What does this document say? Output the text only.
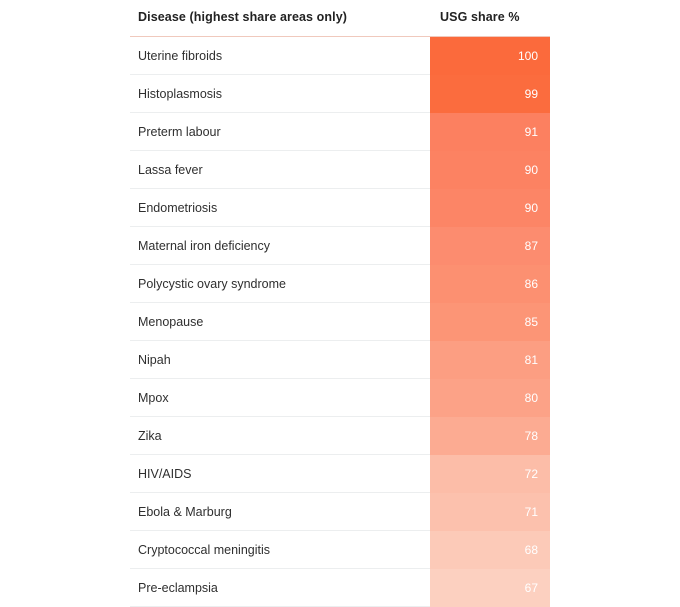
Disease (highest share areas only)	USG share %
Uterine fibroids	100
Histoplasmosis	99
Preterm labour	91
Lassa fever	90
Endometriosis	90
Maternal iron deficiency	87
Polycystic ovary syndrome	86
Menopause	85
Nipah	81
Mpox	80
Zika	78
HIV/AIDS	72
Ebola & Marburg	71
Cryptococcal meningitis	68
Pre-eclampsia	67
